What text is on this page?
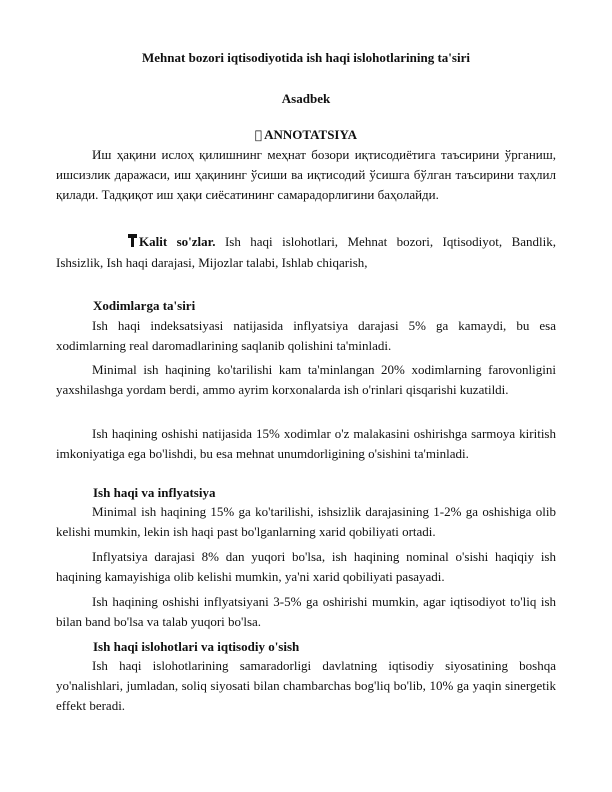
Mehnat bozori iqtisodiyotida ish haqi islohotlarining ta'siri
Asadbek
ANNOTATSIYA
Иш ҳақини ислоҳ қилишнинг меҳнат бозори иқтисодиётига таъсирини ўрганиш, ишсизлик даражаси, иш ҳақининг ўсиши ва иқтисодий ўсишга бўлган таъсирини таҳлил қилади. Тадқиқот иш ҳақи сиёсатининг самарадорлигини баҳолайди.
Kalit so'zlar. Ish haqi islohotlari, Mehnat bozori, Iqtisodiyot, Bandlik, Ishsizlik, Ish haqi darajasi, Mijozlar talabi, Ishlab chiqarish,
Xodimlarga ta'siri
Ish haqi indeksatsiyasi natijasida inflyatsiya darajasi 5% ga kamaydi, bu esa xodimlarning real daromadlarining saqlanib qolishini ta'minladi.
Minimal ish haqining ko'tarilishi kam ta'minlangan 20% xodimlarning farovonligini yaxshilashga yordam berdi, ammo ayrim korxonalarda ish o'rinlari qisqarishi kuzatildi.
Ish haqining oshishi natijasida 15% xodimlar o'z malakasini oshirishga sarmoya kiritish imkoniyatiga ega bo'lishdi, bu esa mehnat unumdorligining o'sishini ta'minladi.
Ish haqi va inflyatsiya
Minimal ish haqining 15% ga ko'tarilishi, ishsizlik darajasining 1-2% ga oshishiga olib kelishi mumkin, lekin ish haqi past bo'lganlarning xarid qobiliyati ortadi.
Inflyatsiya darajasi 8% dan yuqori bo'lsa, ish haqining nominal o'sishi haqiqiy ish haqining kamayishiga olib kelishi mumkin, ya'ni xarid qobiliyati pasayadi.
Ish haqining oshishi inflyatsiyani 3-5% ga oshirishi mumkin, agar iqtisodiyot to'liq ish bilan band bo'lsa va talab yuqori bo'lsa.
Ish haqi islohotlari va iqtisodiy o'sish
Ish haqi islohotlarining samaradorligi davlatning iqtisodiy siyosatining boshqa yo'nalishlari, jumladan, soliq siyosati bilan chambarchas bog'liq bo'lib, 10% ga yaqin sinergetik effekt beradi.
